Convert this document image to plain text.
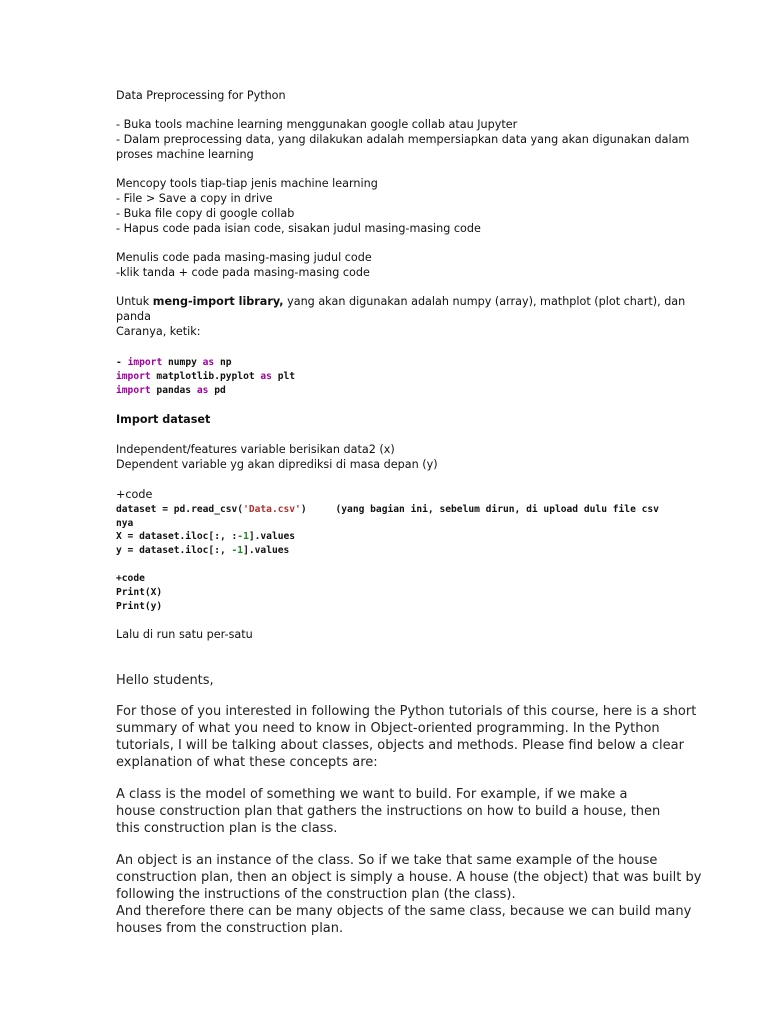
Data Preprocessing for Python
- Buka tools machine learning menggunakan google collab atau Jupyter
- Dalam preprocessing data, yang dilakukan adalah mempersiapkan data yang akan digunakan dalam
proses machine learning
Mencopy tools tiap-tiap jenis machine learning
- File > Save a copy in drive
- Buka file copy di google collab
- Hapus code pada isian code, sisakan judul masing-masing code
Menulis code pada masing-masing judul code
-klik tanda + code pada masing-masing code
Untuk meng-import library, yang akan digunakan adalah numpy (array), mathplot (plot chart), dan
panda
Caranya, ketik:
- import numpy as np
import matplotlib.pyplot as plt
import pandas as pd
Import dataset
Independent/features variable berisikan data2 (x)
Dependent variable yg akan diprediksi di masa depan (y)
+code
dataset = pd.read_csv('Data.csv')     (yang bagian ini, sebelum dirun, di upload dulu file csv
nya
X = dataset.iloc[:, :-1].values
y = dataset.iloc[:, -1].values
+code
Print(X)
Print(y)
Lalu di run satu per-satu
Hello students,
For those of you interested in following the Python tutorials of this course, here is a short
summary of what you need to know in Object-oriented programming. In the Python
tutorials, I will be talking about classes, objects and methods. Please find below a clear
explanation of what these concepts are:
A class is the model of something we want to build. For example, if we make a
house construction plan that gathers the instructions on how to build a house, then
this construction plan is the class.
An object is an instance of the class. So if we take that same example of the house
construction plan, then an object is simply a house. A house (the object) that was built by
following the instructions of the construction plan (the class).
And therefore there can be many objects of the same class, because we can build many
houses from the construction plan.
